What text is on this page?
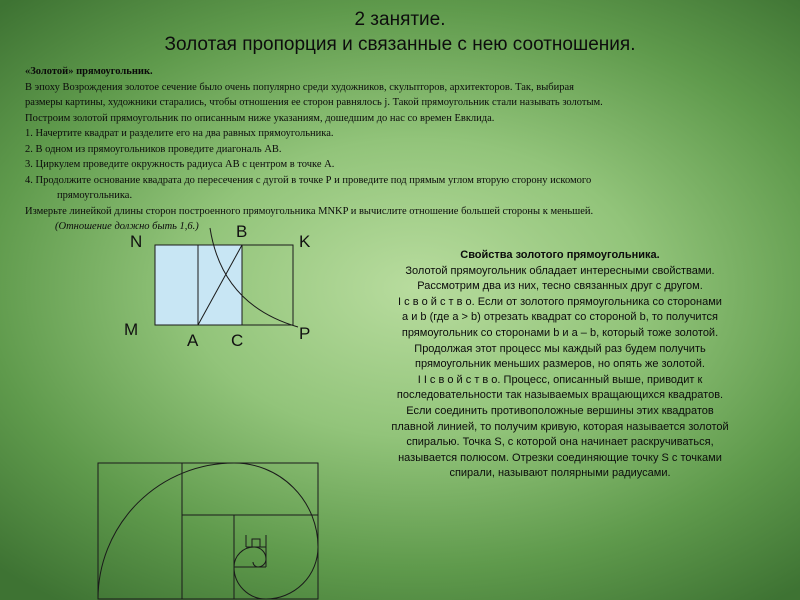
2 занятие.
Золотая пропорция и связанные с нею соотношения.
«Золотой» прямоугольник.
В эпоху Возрождения золотое сечение было очень популярно среди художников, скульпторов, архитекторов. Так, выбирая
размеры картины, художники старались, чтобы отношения ее сторон равнялось j. Такой прямоугольник стали называть золотым.
Построим золотой прямоугольник по описанным ниже указаниям, дошедшим до нас со времен Евклида.
1. Начертите квадрат и разделите его на два равных прямоугольника.
2. В одном из прямоугольников проведите диагональ АВ.
3. Циркулем проведите окружность радиуса АВ с центром в точке А.
4. Продолжите основание квадрата до пересечения с дугой в точке Р и проведите под прямым углом вторую сторону искомого
прямоугольника.
Измерьте линейкой длины сторон построенного прямоугольника MNKP и вычислите отношение большей стороны к меньшей.
(Отношение должно быть 1,6.)
N
B
K
M
A C	P
Свойства золотого прямоугольника.
Золотой прямоугольник обладает интересными свойствами.
Рассмотрим два из них, тесно связанных друг с другом.
I с в о й с т в о. Если от золотого прямоугольника со сторонами
a и b (где a > b) отрезать квадрат со стороной b, то получится
прямоугольник со сторонами b и a – b, который тоже золотой.
Продолжая этот процесс мы каждый раз будем получить
прямоугольник меньших размеров, но опять же золотой.
I I с в о й с т в о. Процесс, описанный выше, приводит к
последовательности так называемых вращающихся квадратов.
Если соединить противоположные вершины этих квадратов
плавной линией, то получим кривую, которая называется золотой
спиралью. Точка S, с которой она начинает раскручиваться,
называется полюсом. Отрезки соединяющие точку S с точками
спирали, называют полярными радиусами.
